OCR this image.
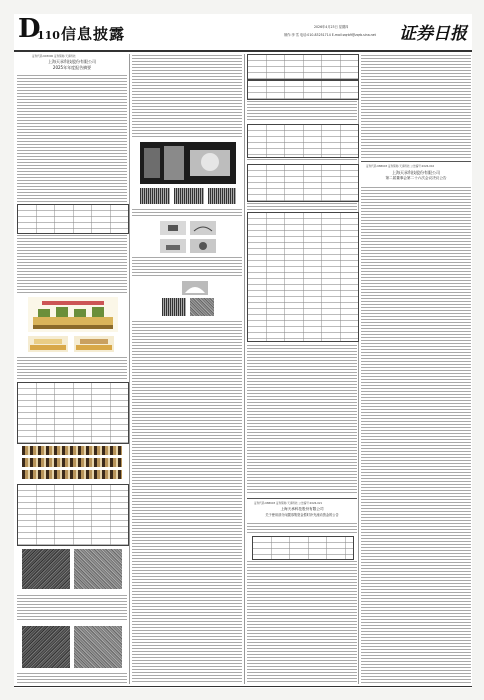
D
110 信息披露	2026年4月23日 星期四
制作:李 雪 电话:010-83251714 E-mail:zqrb9@zqrb.sina.net 证券日报
证券代码:603000 证券简称:天承科技
上海天承科技股份有限公司
2025年年度报告摘要
证券代码:688603 证券简称:天承科技 公告编号:2026-021
上海天承科技股份有限公司
关于使用部分闲置募集资金暂时补充流动资金的公告
证券代码:688603 证券简称:天承科技 公告编号:2026-016
上海天承科技股份有限公司
第二届董事会第二十六次会议决议公告
